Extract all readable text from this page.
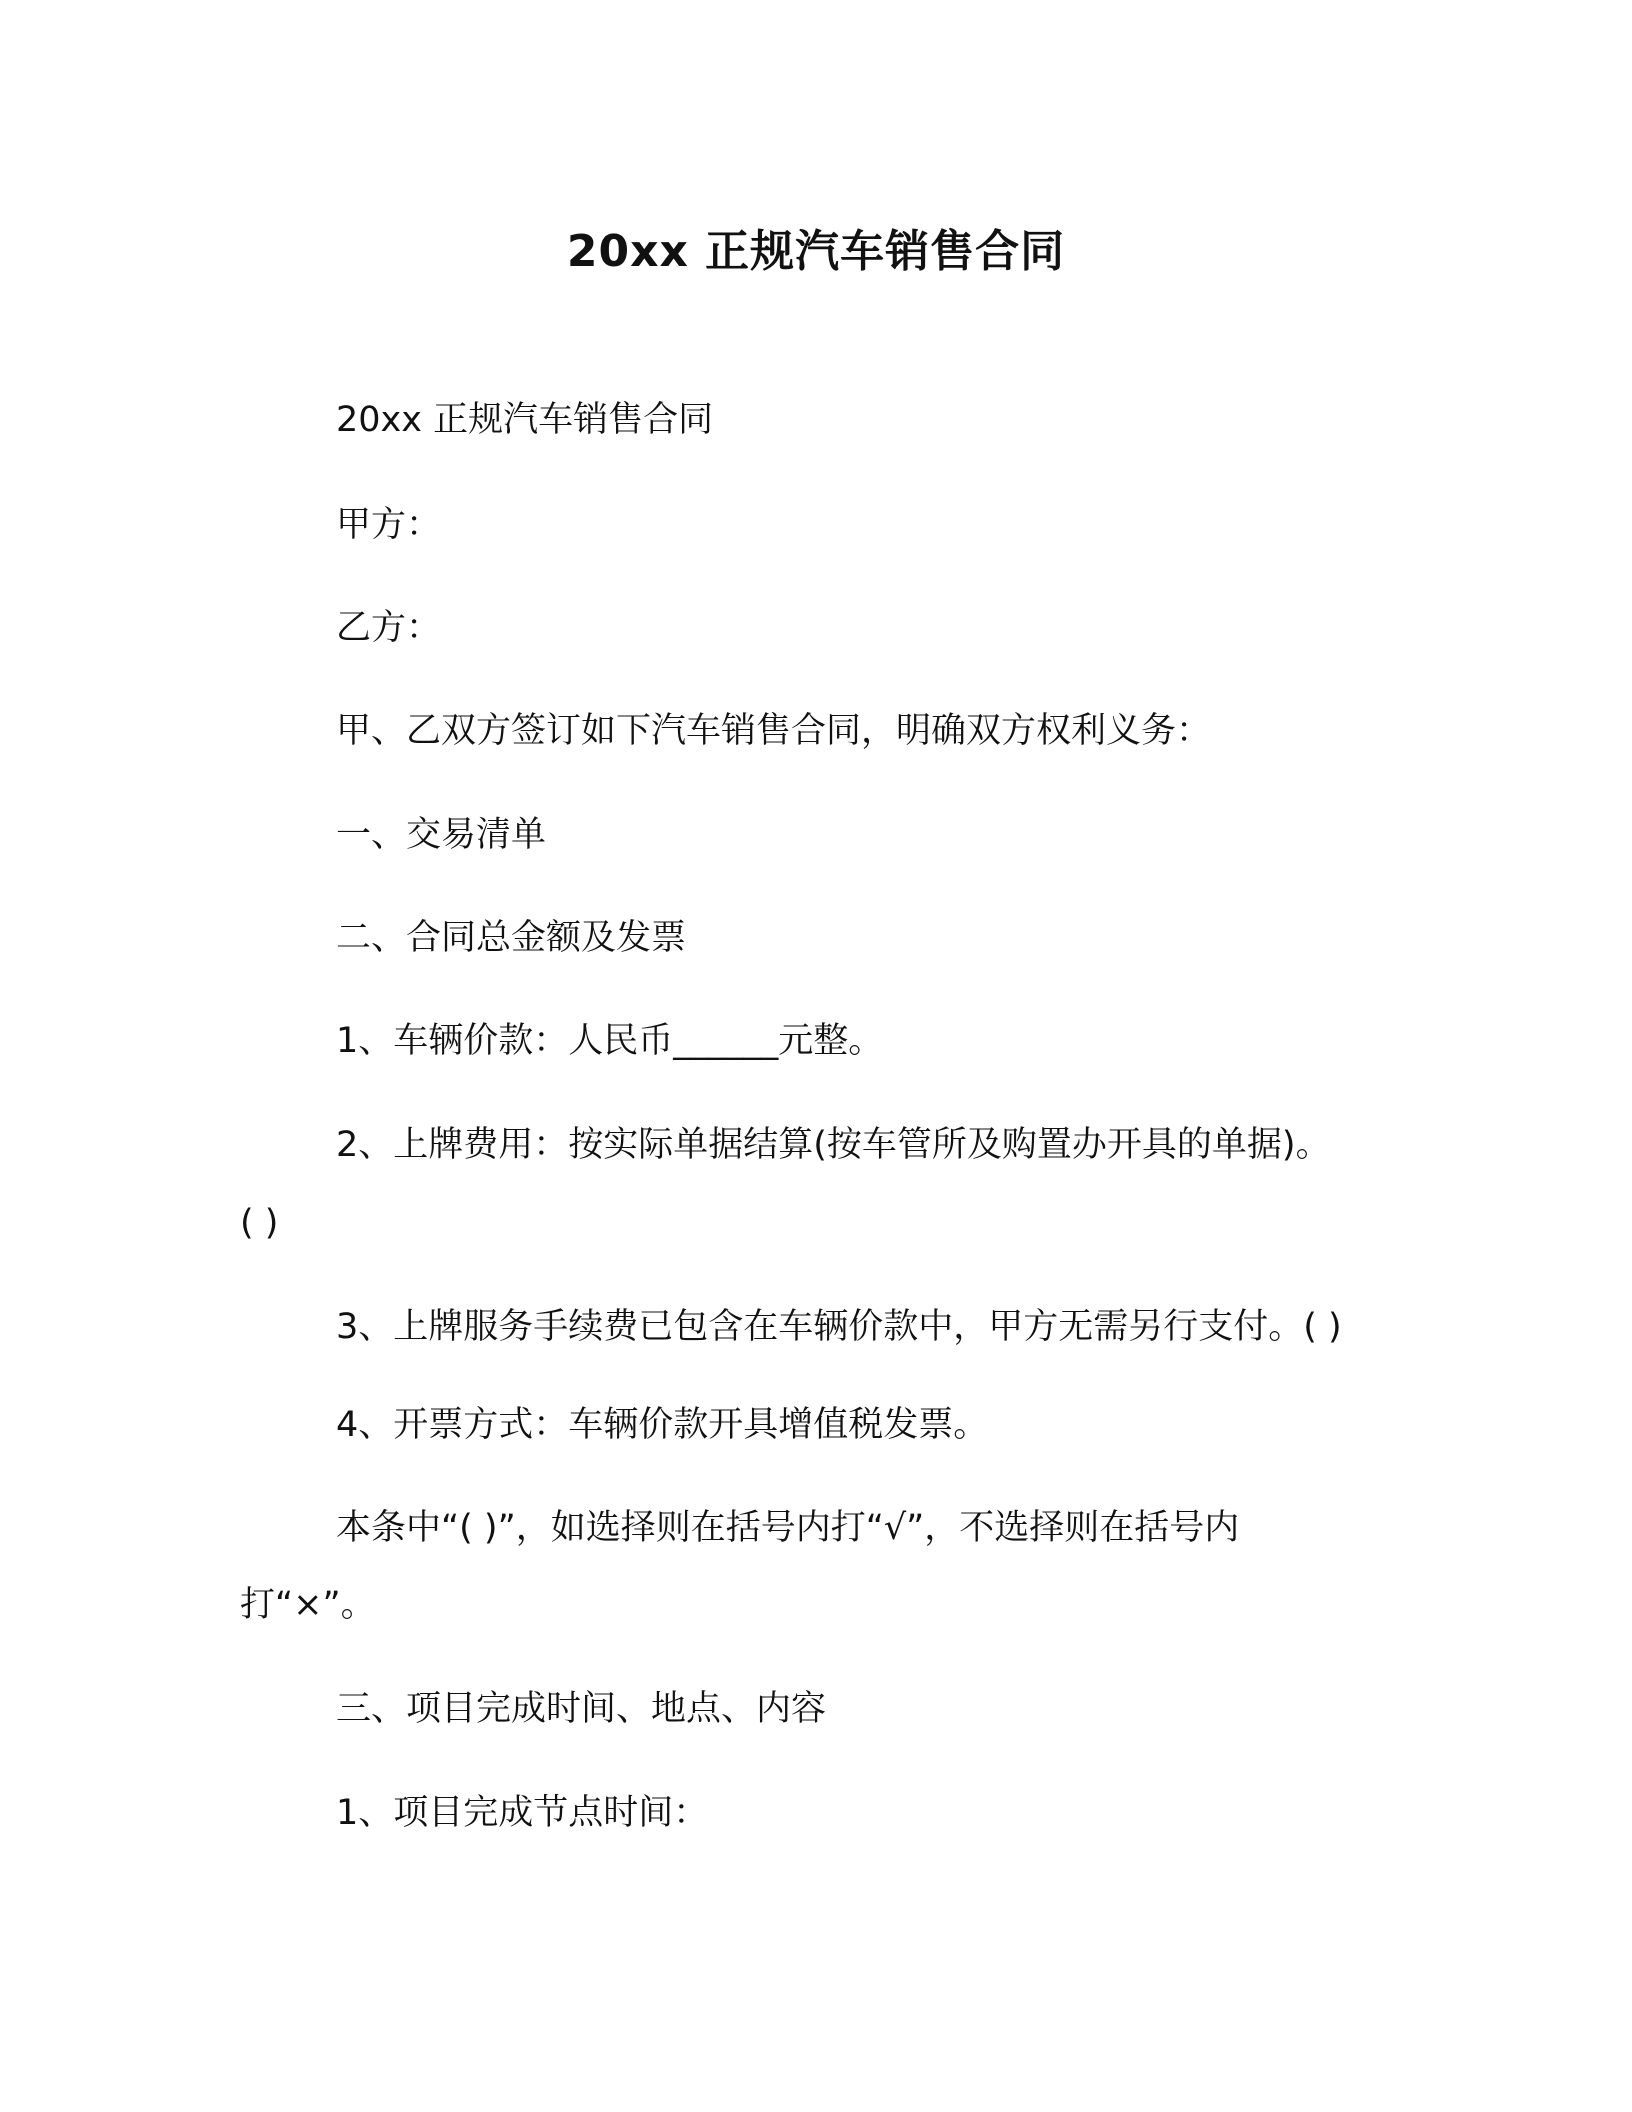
20xx 正规汽车销售合同
20xx 正规汽车销售合同
甲方：
乙方：
甲、乙双方签订如下汽车销售合同，明确双方权利义务：
一、交易清单
二、合同总金额及发票
1、车辆价款：人民币______元整。
2、上牌费用：按实际单据结算(按车管所及购置办开具的单据)。
( )
3、上牌服务手续费已包含在车辆价款中，甲方无需另行支付。( )
4、开票方式：车辆价款开具增值税发票。
本条中“( )”，如选择则在括号内打“√”，不选择则在括号内
打“×”。
三、项目完成时间、地点、内容
1、项目完成节点时间：
